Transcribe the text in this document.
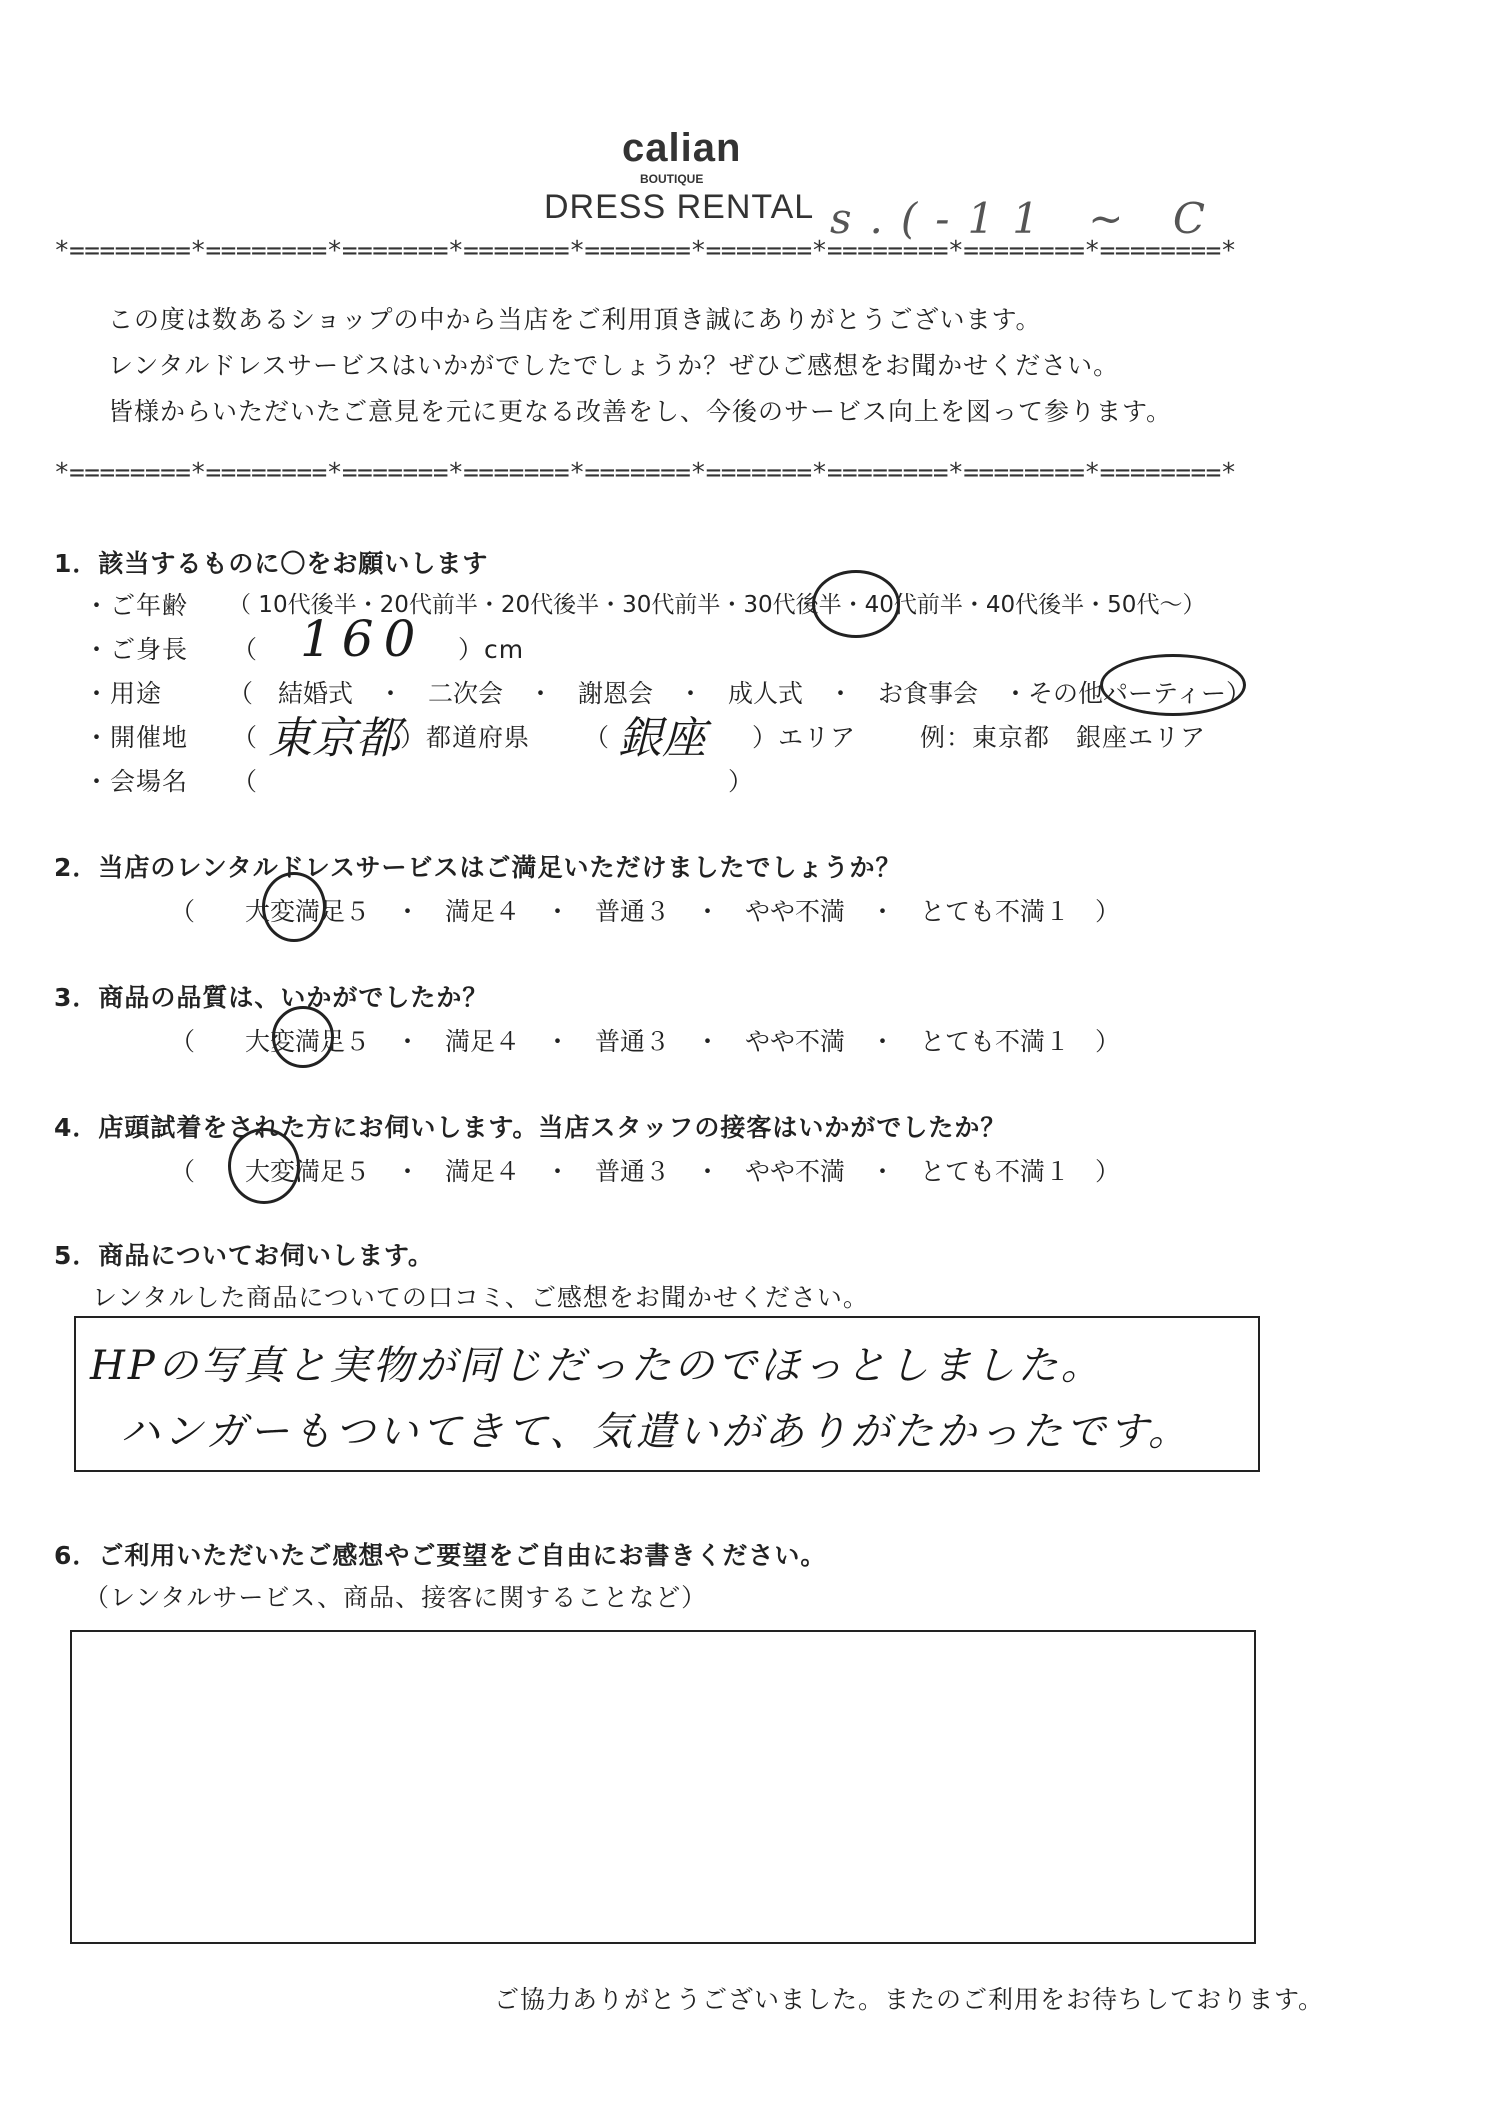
calian
BOUTIQUE
DRESS RENTAL s.(-11 ~ C
*========*========*=======*=======*=======*=======*========*========*========*
この度は数あるショップの中から当店をご利用頂き誠にありがとうございます。
レンタルドレスサービスはいかがでしたでしょうか？ぜひご感想をお聞かせください。
皆様からいただいたご意見を元に更なる改善をし、今後のサービス向上を図って参ります。
*========*========*=======*=======*=======*=======*========*========*========*
1．該当するものに〇をお願いします
・ご年齢 （ 10代後半・20代前半・20代後半・30代前半・30代後半・40代前半・40代後半・50代～）
・ご身長 （ 160 ）cm
・用途	（　結婚式　・　二次会　・　謝恩会　・　成人式　・　お食事会　・その他パーティー）
・開催地 （ 東京都 ）都道府県 （ 銀座 ）エリア	例：東京都　銀座エリア
・会場名 （	）
2．当店のレンタルドレスサービスはご満足いただけましたでしょうか？
（　　大変満足５　・　満足４　・　普通３　・　やや不満　・　とても不満１　）
3．商品の品質は、いかがでしたか？
（　　大変満足５　・　満足４　・　普通３　・　やや不満　・　とても不満１　）
4．店頭試着をされた方にお伺いします。当店スタッフの接客はいかがでしたか？
（　　大変満足５　・　満足４　・　普通３　・　やや不満　・　とても不満１　）
5．商品についてお伺いします。
レンタルした商品についての口コミ、ご感想をお聞かせください。
HPの写真と実物が同じだったのでほっとしました。
ハンガーもついてきて、気遣いがありがたかったです。
6．ご利用いただいたご感想やご要望をご自由にお書きください。
（レンタルサービス、商品、接客に関することなど）
ご協力ありがとうございました。またのご利用をお待ちしております。
